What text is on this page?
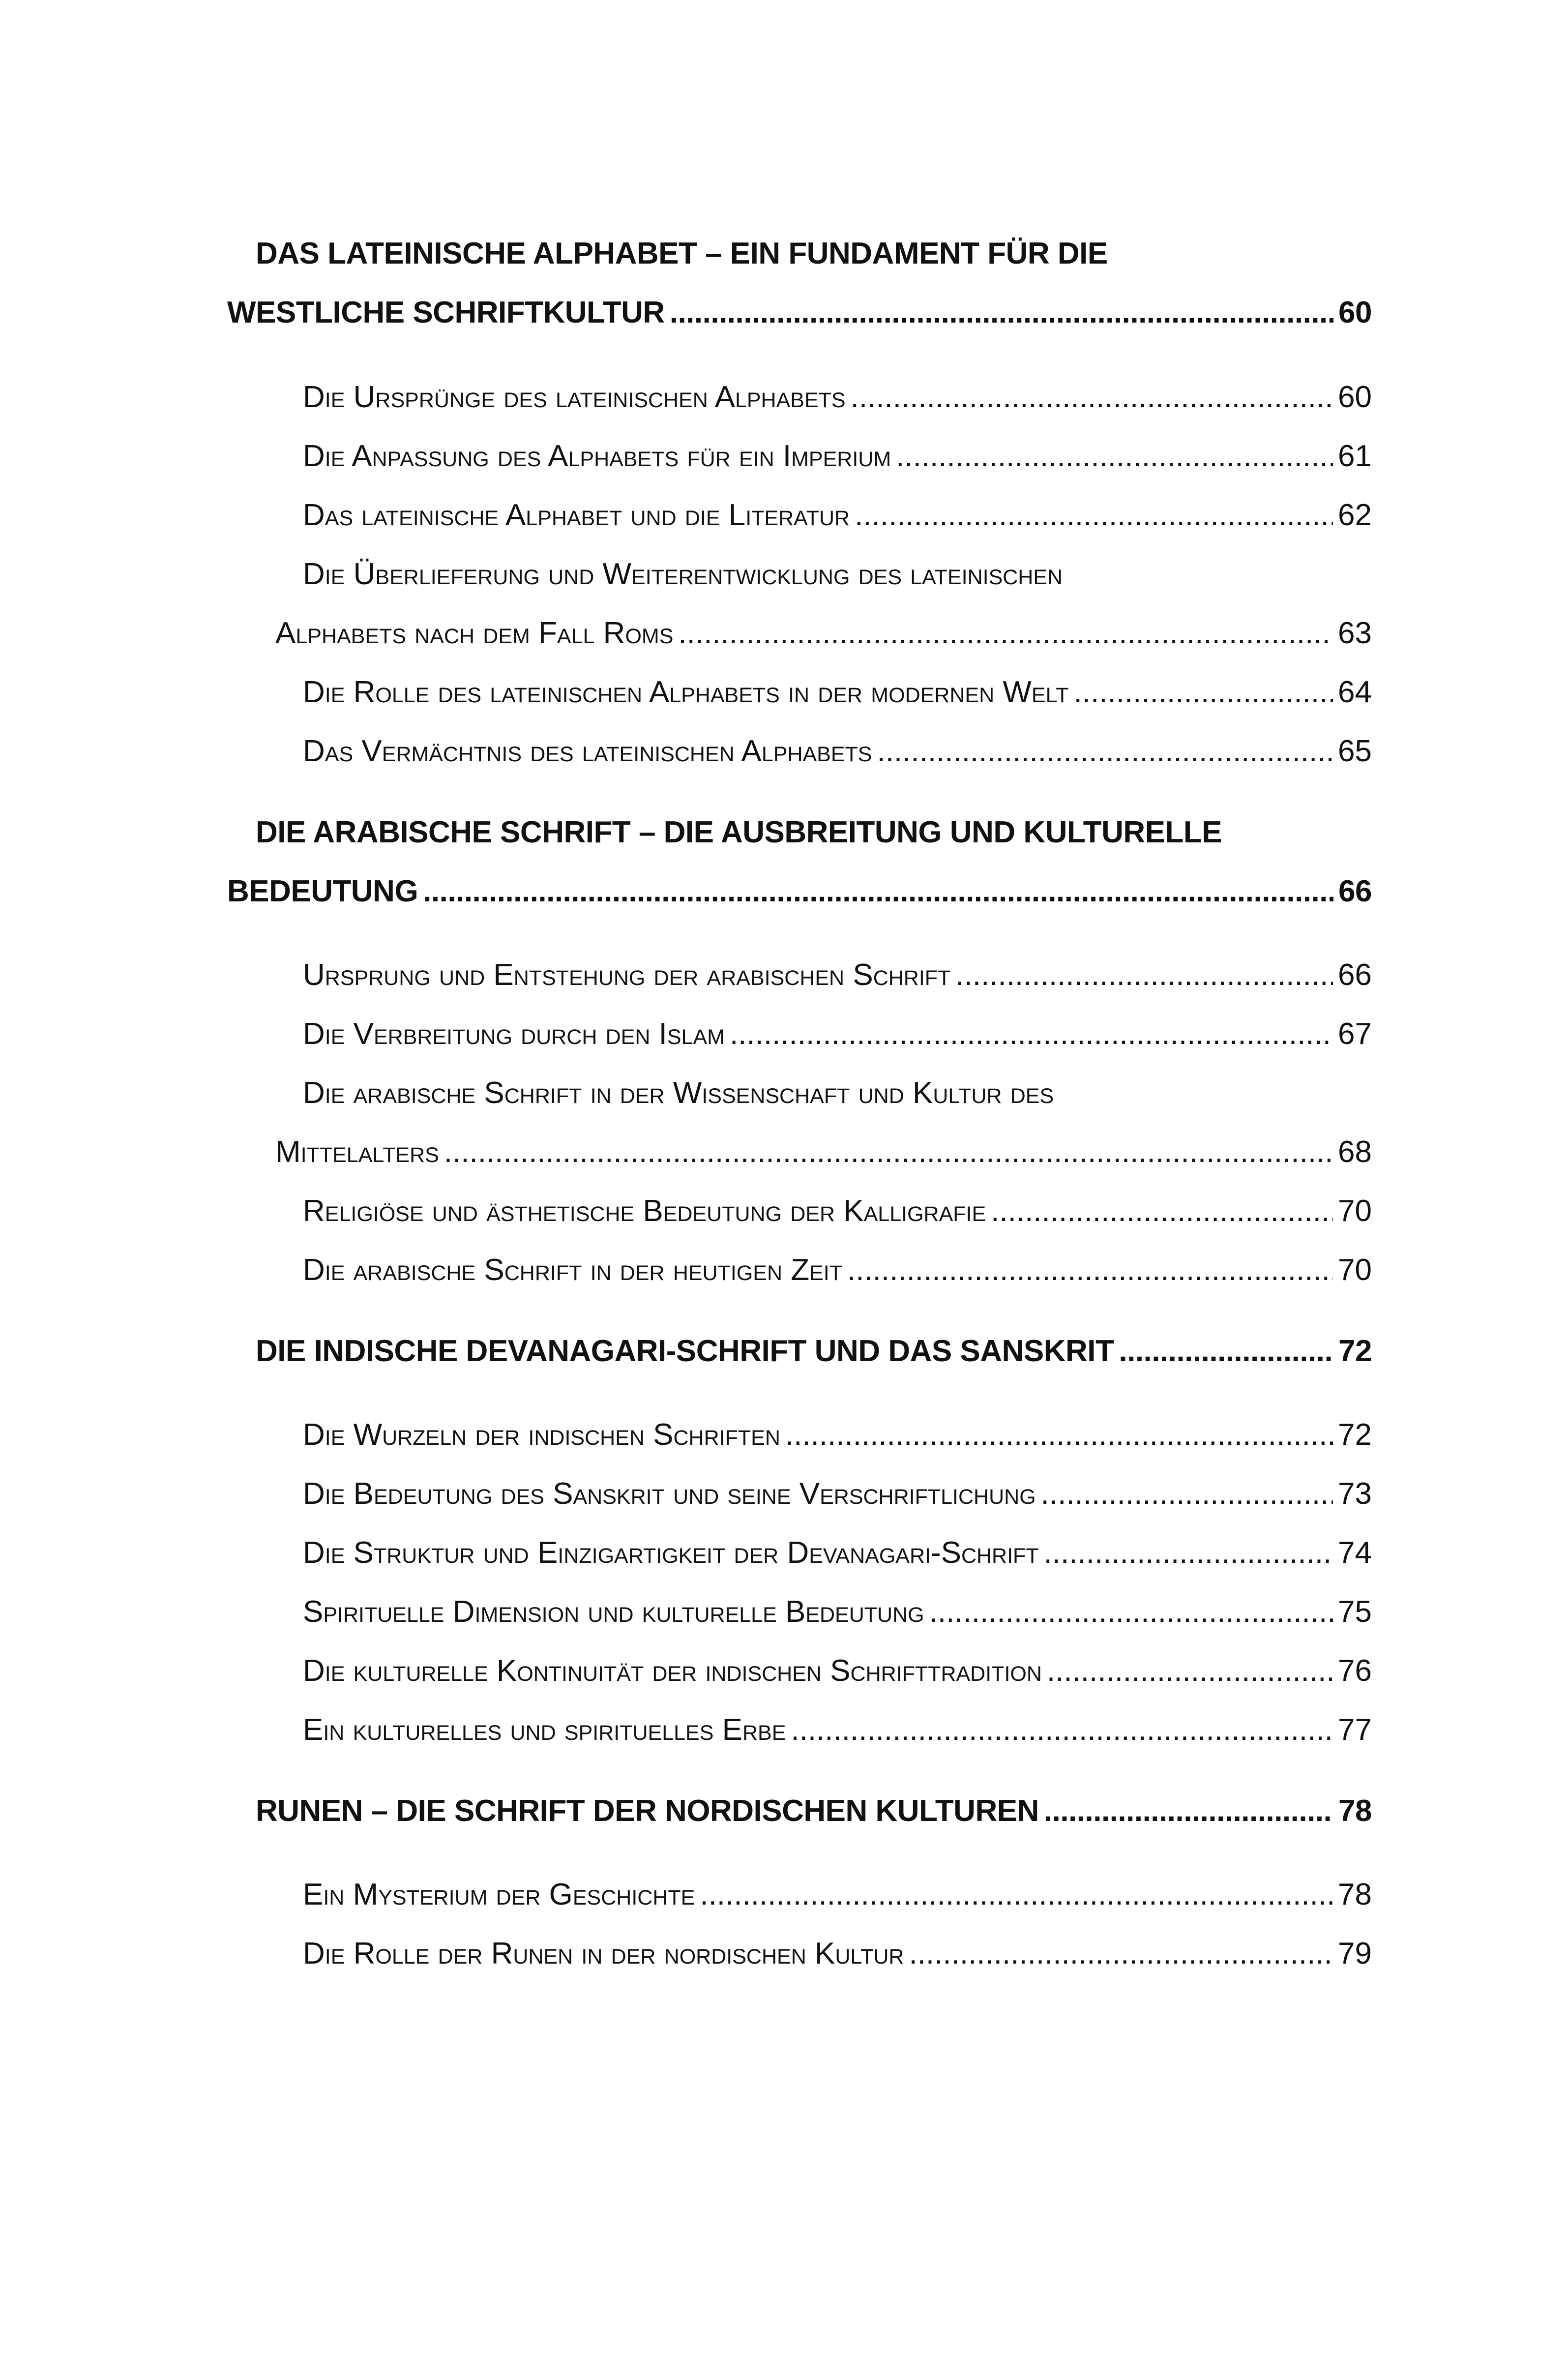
DAS LATEINISCHE ALPHABET – EIN FUNDAMENT FÜR DIE
WESTLICHE SCHRIFTKULTUR .....	60
Die Ursprünge des lateinischen Alphabets .....	60
Die Anpassung des Alphabets für ein Imperium .....	61
Das lateinische Alphabet und die Literatur .....	62
Die Überlieferung und Weiterentwicklung des lateinischen
Alphabets nach dem Fall Roms .....	63
Die Rolle des lateinischen Alphabets in der modernen Welt .....	64
Das Vermächtnis des lateinischen Alphabets .....	65
DIE ARABISCHE SCHRIFT – DIE AUSBREITUNG UND KULTURELLE
BEDEUTUNG .....	66
Ursprung und Entstehung der arabischen Schrift .....	66
Die Verbreitung durch den Islam .....	67
Die arabische Schrift in der Wissenschaft und Kultur des
Mittelalters .....	68
Religiöse und ästhetische Bedeutung der Kalligrafie .....	70
Die arabische Schrift in der heutigen Zeit .....	70
DIE INDISCHE DEVANAGARI-SCHRIFT UND DAS SANSKRIT .....	72
Die Wurzeln der indischen Schriften .....	72
Die Bedeutung des Sanskrit und seine Verschriftlichung .....	73
Die Struktur und Einzigartigkeit der Devanagari-Schrift .....	74
Spirituelle Dimension und kulturelle Bedeutung .....	75
Die kulturelle Kontinuität der indischen Schrifttradition .....	76
Ein kulturelles und spirituelles Erbe .....	77
RUNEN – DIE SCHRIFT DER NORDISCHEN KULTUREN .....	78
Ein Mysterium der Geschichte .....	78
Die Rolle der Runen in der nordischen Kultur .....	79
